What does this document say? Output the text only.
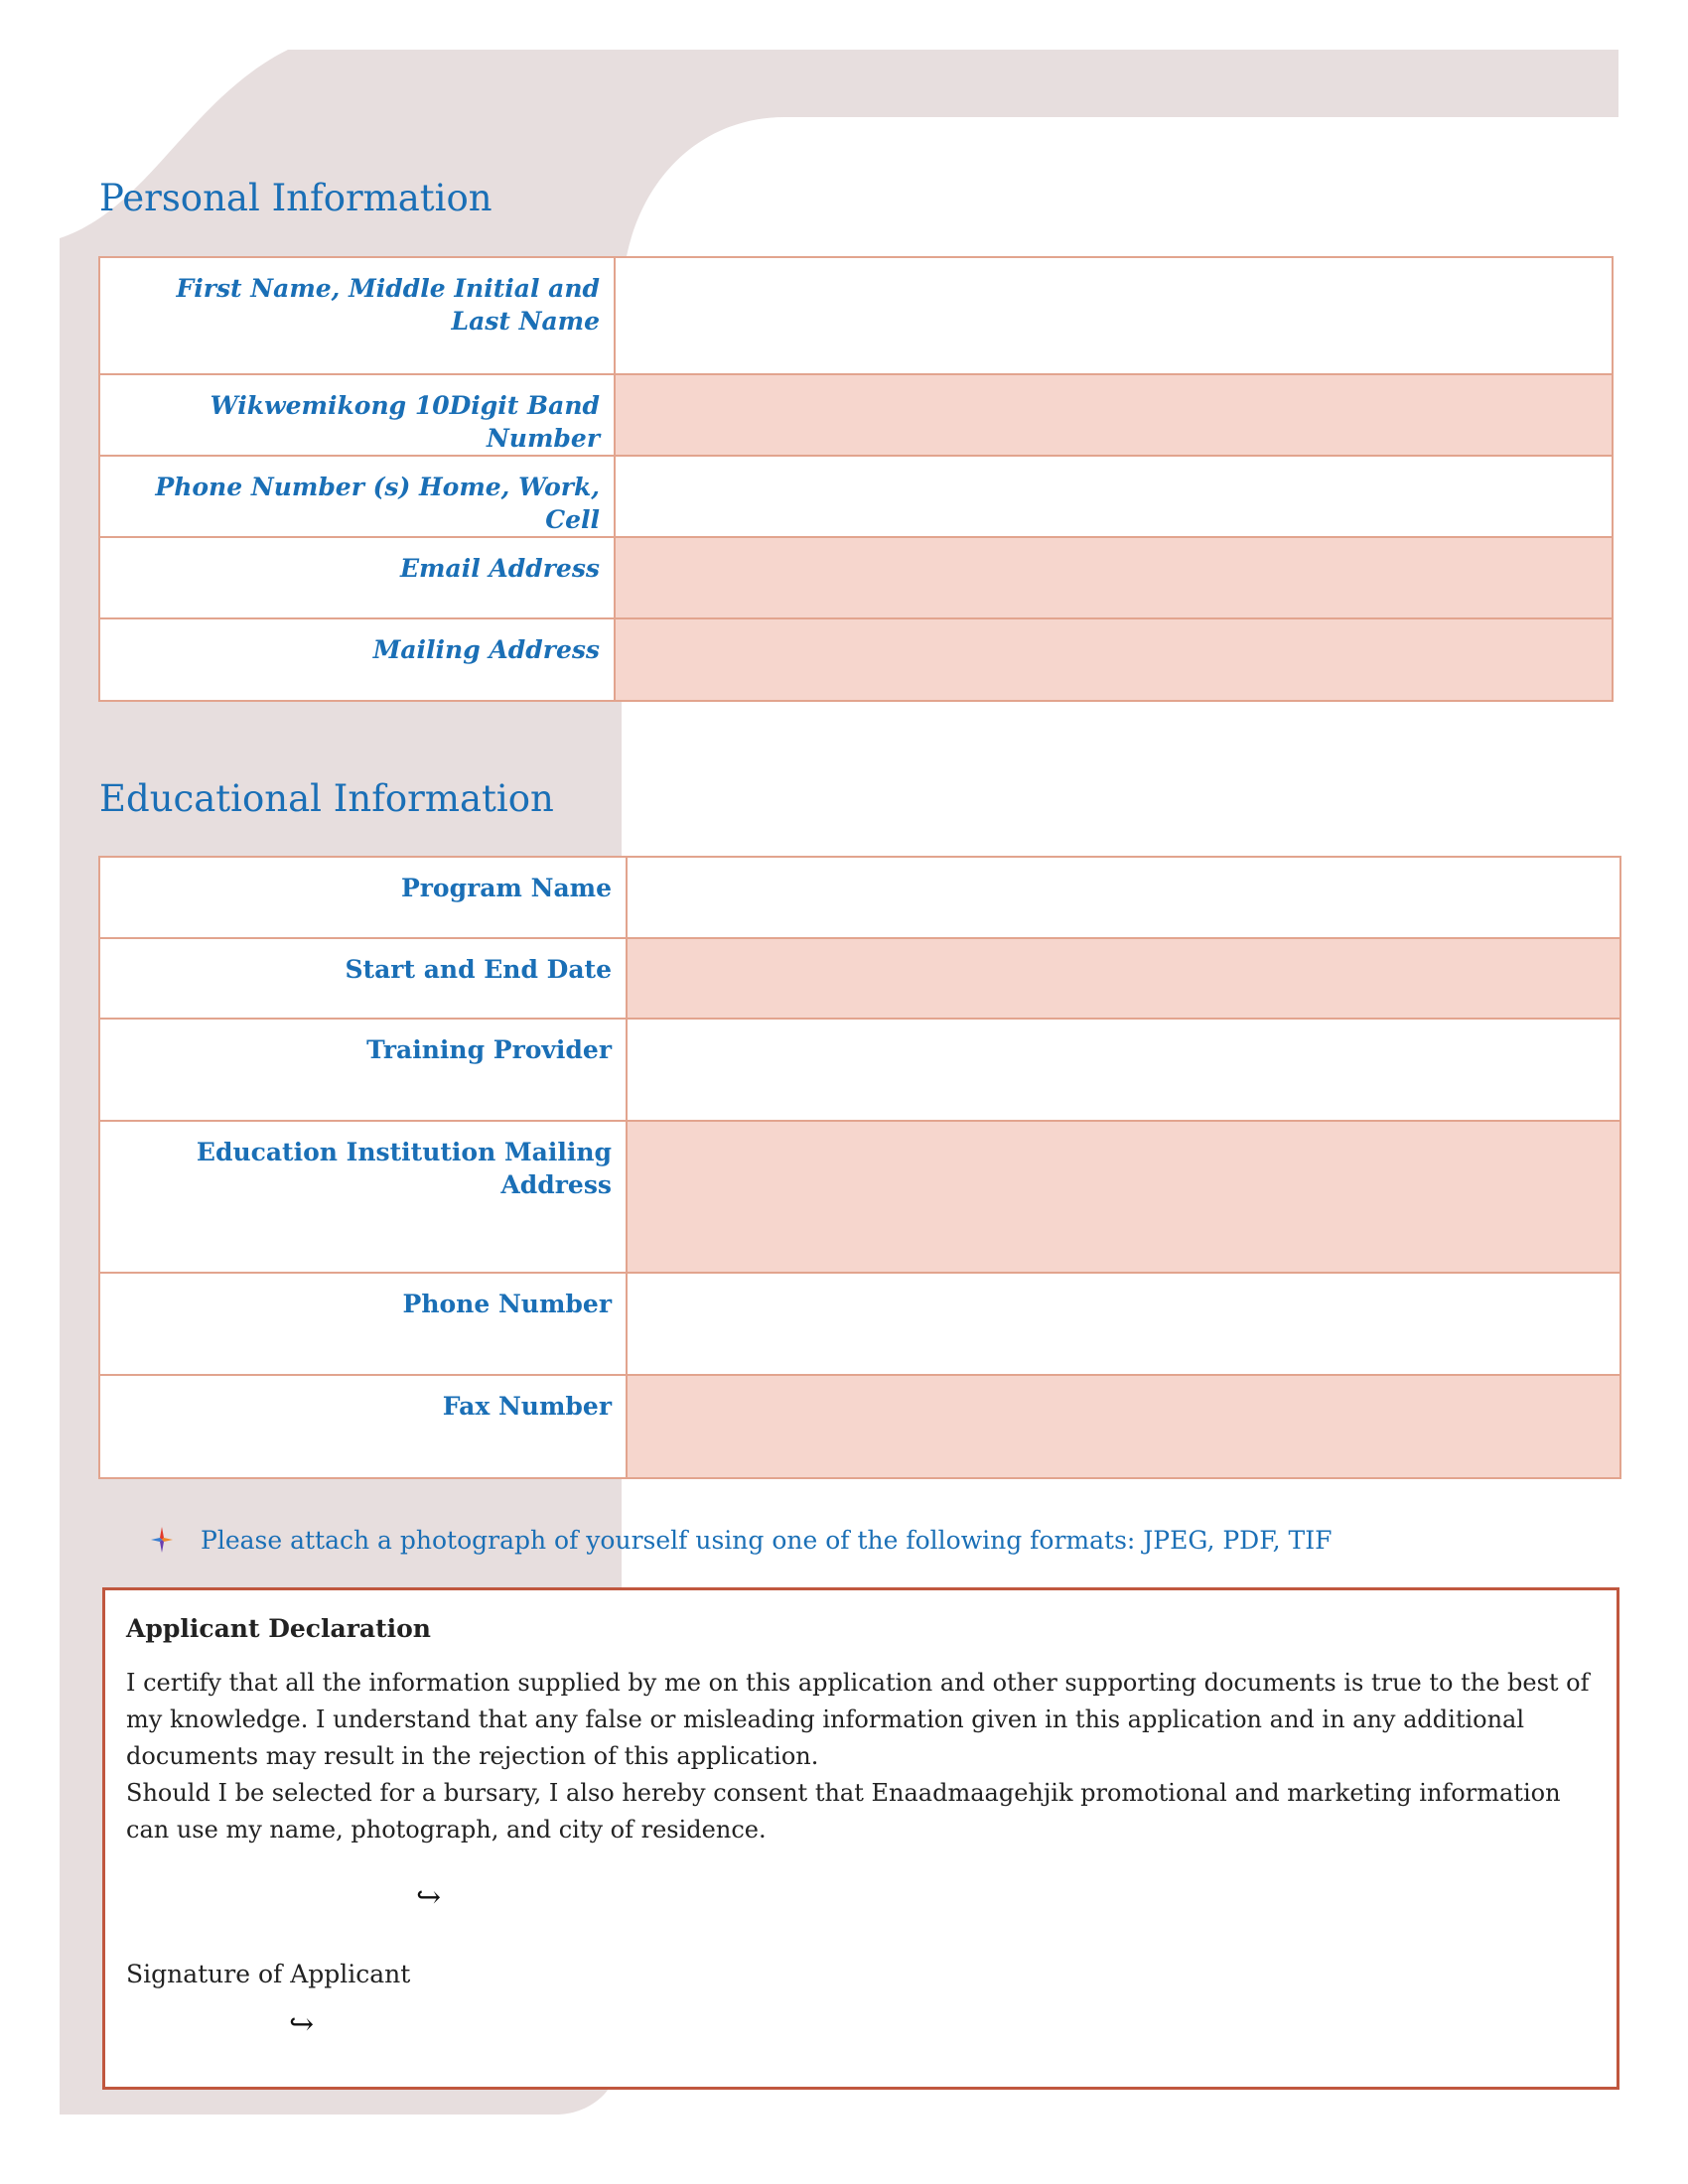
Personal Information
First Name, Middle Initial and Last Name	
Wikwemikong 10Digit Band Number	
Phone Number (s) Home, Work, Cell	
Email Address	
Mailing Address	
Educational Information
Program Name	
Start and End Date	
Training Provider	
Education Institution Mailing Address	
Phone Number	
Fax Number	
Please attach a photograph of yourself using one of the following formats: JPEG, PDF, TIF
Applicant Declaration

I certify that all the information supplied by me on this application and other supporting documents is true to the best of my knowledge. I understand that any false or misleading information given in this application and in any additional documents may result in the rejection of this application.

Should I be selected for a bursary, I also hereby consent that Enaadmaagehjik promotional and marketing information can use my name, photograph, and city of residence.

↪
Signature of Applicant
↪
